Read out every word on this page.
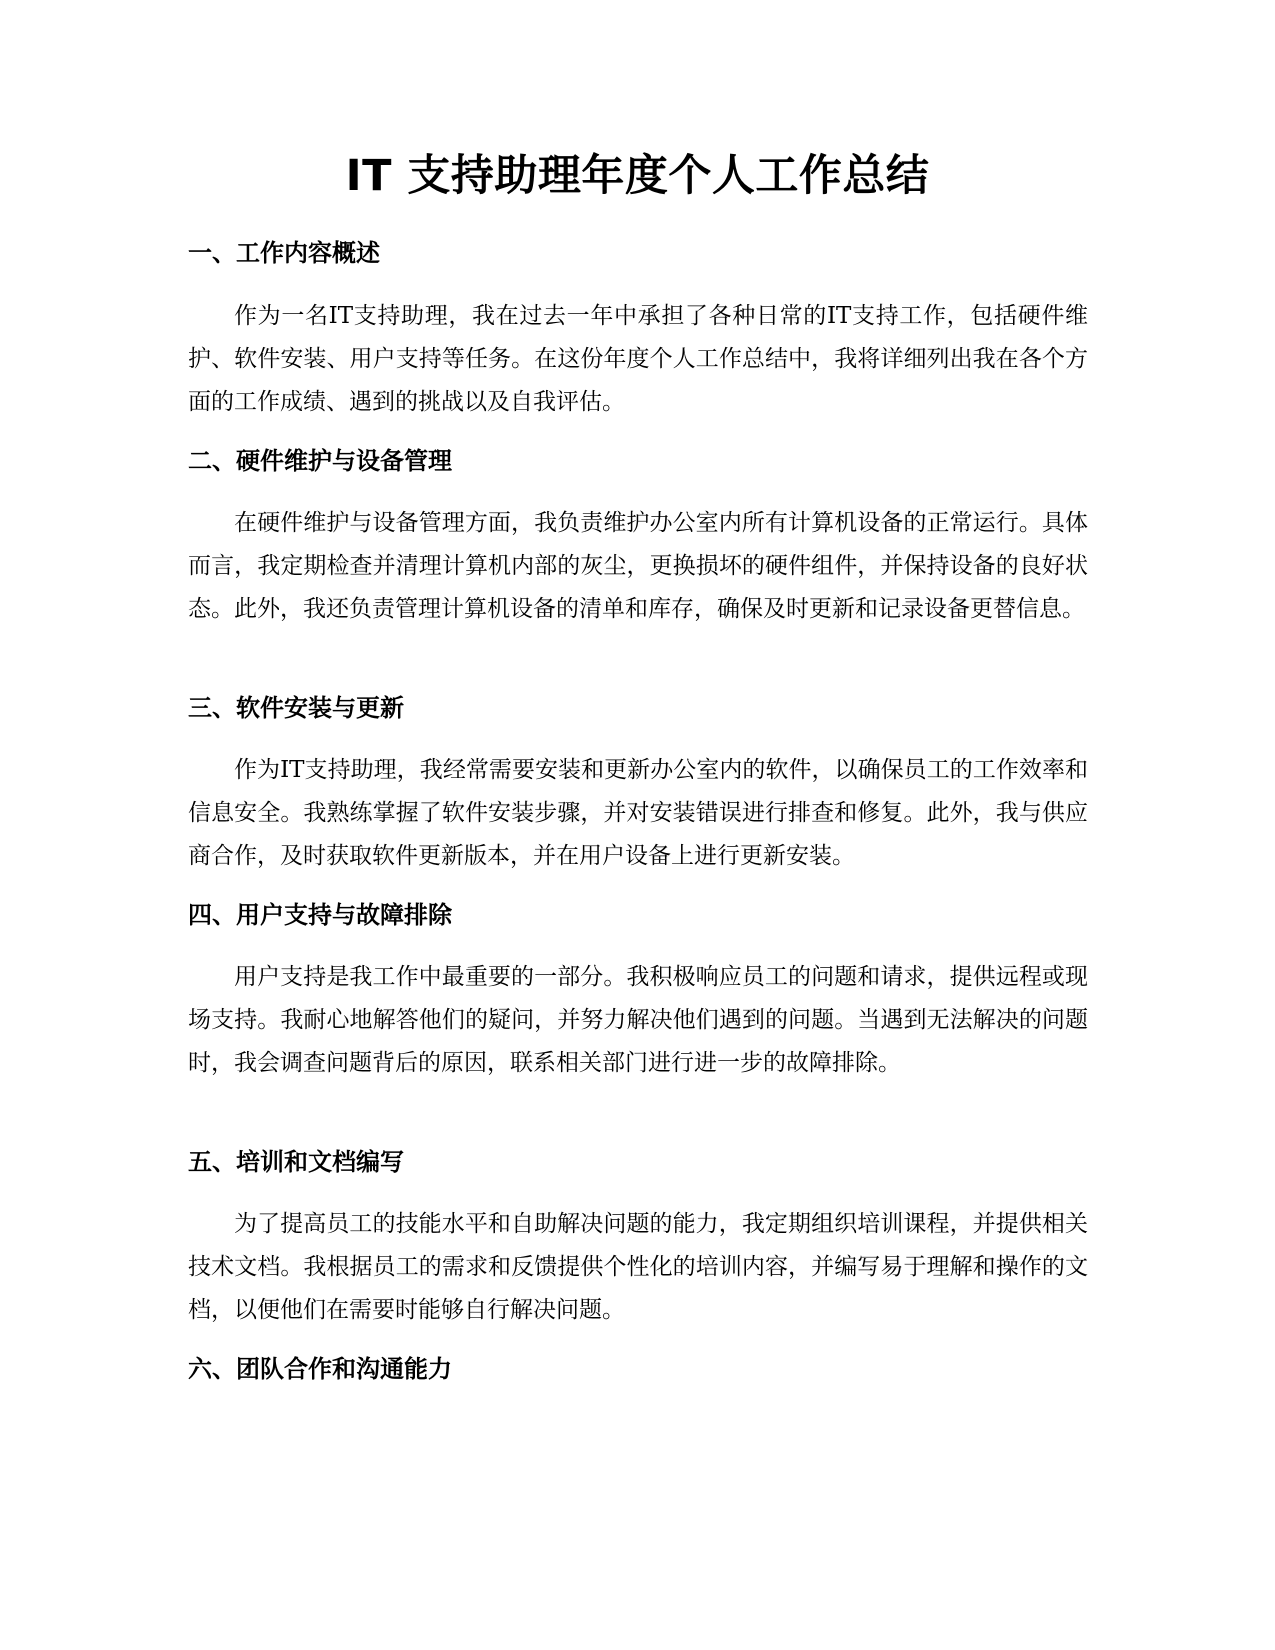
IT 支持助理年度个人工作总结
一、工作内容概述

作为一名IT支持助理，我在过去一年中承担了各种日常的IT支持工作，包括硬件维护、软件安装、用户支持等任务。在这份年度个人工作总结中，我将详细列出我在各个方面的工作成绩、遇到的挑战以及自我评估。

二、硬件维护与设备管理

在硬件维护与设备管理方面，我负责维护办公室内所有计算机设备的正常运行。具体而言，我定期检查并清理计算机内部的灰尘，更换损坏的硬件组件，并保持设备的良好状态。此外，我还负责管理计算机设备的清单和库存，确保及时更新和记录设备更替信息。

三、软件安装与更新

作为IT支持助理，我经常需要安装和更新办公室内的软件，以确保员工的工作效率和信息安全。我熟练掌握了软件安装步骤，并对安装错误进行排查和修复。此外，我与供应商合作，及时获取软件更新版本，并在用户设备上进行更新安装。

四、用户支持与故障排除

用户支持是我工作中最重要的一部分。我积极响应员工的问题和请求，提供远程或现场支持。我耐心地解答他们的疑问，并努力解决他们遇到的问题。当遇到无法解决的问题时，我会调查问题背后的原因，联系相关部门进行进一步的故障排除。

五、培训和文档编写

为了提高员工的技能水平和自助解决问题的能力，我定期组织培训课程，并提供相关技术文档。我根据员工的需求和反馈提供个性化的培训内容，并编写易于理解和操作的文档，以便他们在需要时能够自行解决问题。

六、团队合作和沟通能力
